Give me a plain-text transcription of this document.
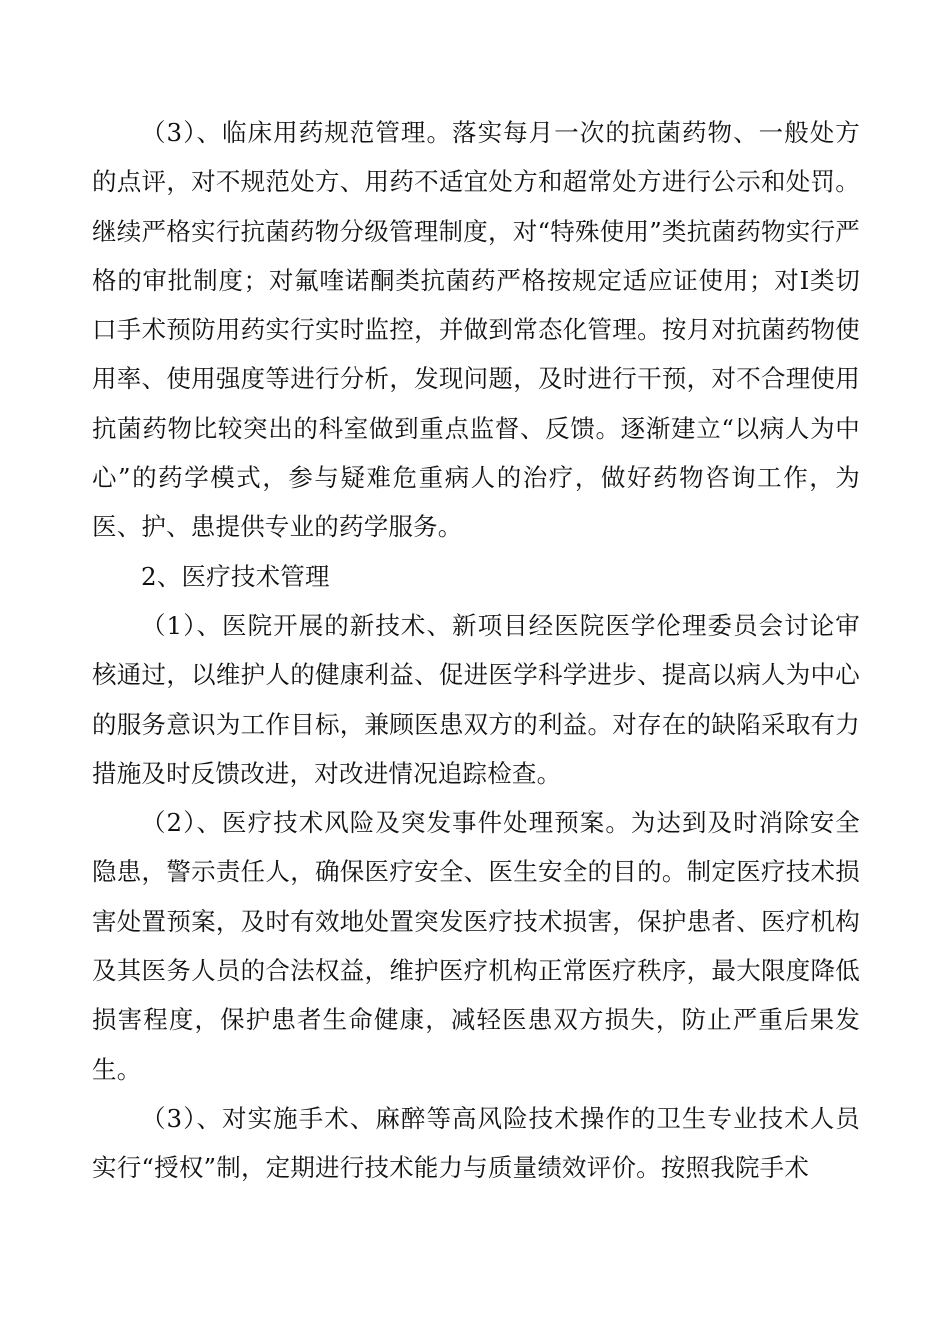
（3）、临床用药规范管理。落实每月一次的抗菌药物、一般处方的点评，对不规范处方、用药不适宜处方和超常处方进行公示和处罚。继续严格实行抗菌药物分级管理制度，对“特殊使用”类抗菌药物实行严格的审批制度；对氟喹诺酮类抗菌药严格按规定适应证使用；对Ⅰ类切口手术预防用药实行实时监控，并做到常态化管理。按月对抗菌药物使用率、使用强度等进行分析，发现问题，及时进行干预，对不合理使用抗菌药物比较突出的科室做到重点监督、反馈。逐渐建立“以病人为中心”的药学模式，参与疑难危重病人的治疗，做好药物咨询工作，为医、护、患提供专业的药学服务。

2、医疗技术管理

（1）、医院开展的新技术、新项目经医院医学伦理委员会讨论审核通过，以维护人的健康利益、促进医学科学进步、提高以病人为中心的服务意识为工作目标，兼顾医患双方的利益。对存在的缺陷采取有力措施及时反馈改进，对改进情况追踪检查。

（2）、医疗技术风险及突发事件处理预案。为达到及时消除安全隐患，警示责任人，确保医疗安全、医生安全的目的。制定医疗技术损害处置预案，及时有效地处置突发医疗技术损害，保护患者、医疗机构及其医务人员的合法权益，维护医疗机构正常医疗秩序，最大限度降低损害程度，保护患者生命健康，减轻医患双方损失，防止严重后果发生。

（3）、对实施手术、麻醉等高风险技术操作的卫生专业技术人员实行“授权”制，定期进行技术能力与质量绩效评价。按照我院手术
